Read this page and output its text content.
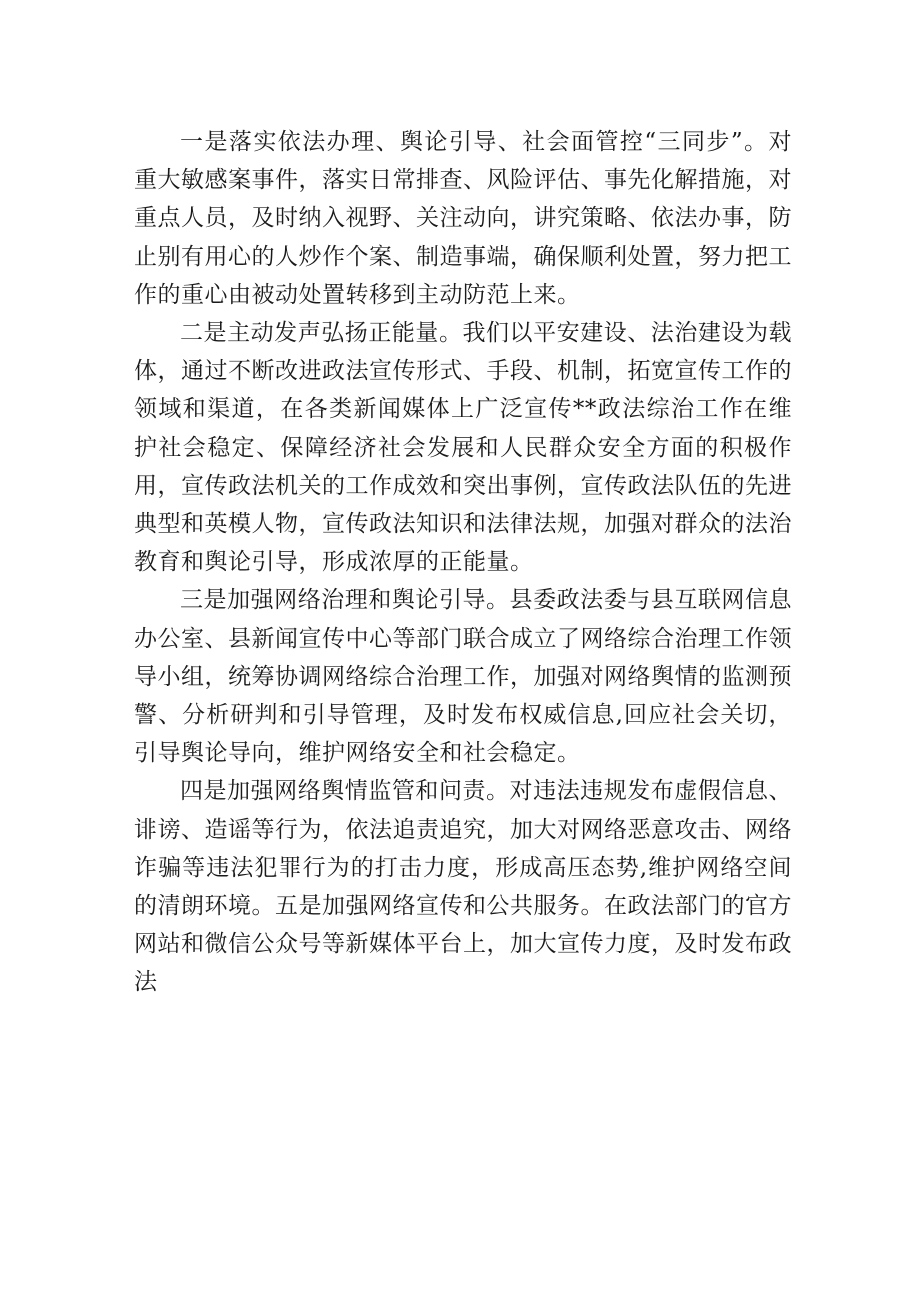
一是落实依法办理、舆论引导、社会面管控“三同步”。对重大敏感案事件，落实日常排查、风险评估、事先化解措施，对重点人员，及时纳入视野、关注动向，讲究策略、依法办事，防止别有用心的人炒作个案、制造事端，确保顺利处置，努力把工作的重心由被动处置转移到主动防范上来。

二是主动发声弘扬正能量。我们以平安建设、法治建设为载体，通过不断改进政法宣传形式、手段、机制，拓宽宣传工作的领域和渠道，在各类新闻媒体上广泛宣传**政法综治工作在维护社会稳定、保障经济社会发展和人民群众安全方面的积极作用，宣传政法机关的工作成效和突出事例，宣传政法队伍的先进典型和英模人物，宣传政法知识和法律法规，加强对群众的法治教育和舆论引导，形成浓厚的正能量。

三是加强网络治理和舆论引导。县委政法委与县互联网信息办公室、县新闻宣传中心等部门联合成立了网络综合治理工作领导小组，统筹协调网络综合治理工作，加强对网络舆情的监测预警、分析研判和引导管理，及时发布权威信息,回应社会关切，引导舆论导向，维护网络安全和社会稳定。

四是加强网络舆情监管和问责。对违法违规发布虚假信息、诽谤、造谣等行为，依法追责追究，加大对网络恶意攻击、网络诈骗等违法犯罪行为的打击力度，形成高压态势,维护网络空间的清朗环境。五是加强网络宣传和公共服务。在政法部门的官方网站和微信公众号等新媒体平台上，加大宣传力度，及时发布政法
